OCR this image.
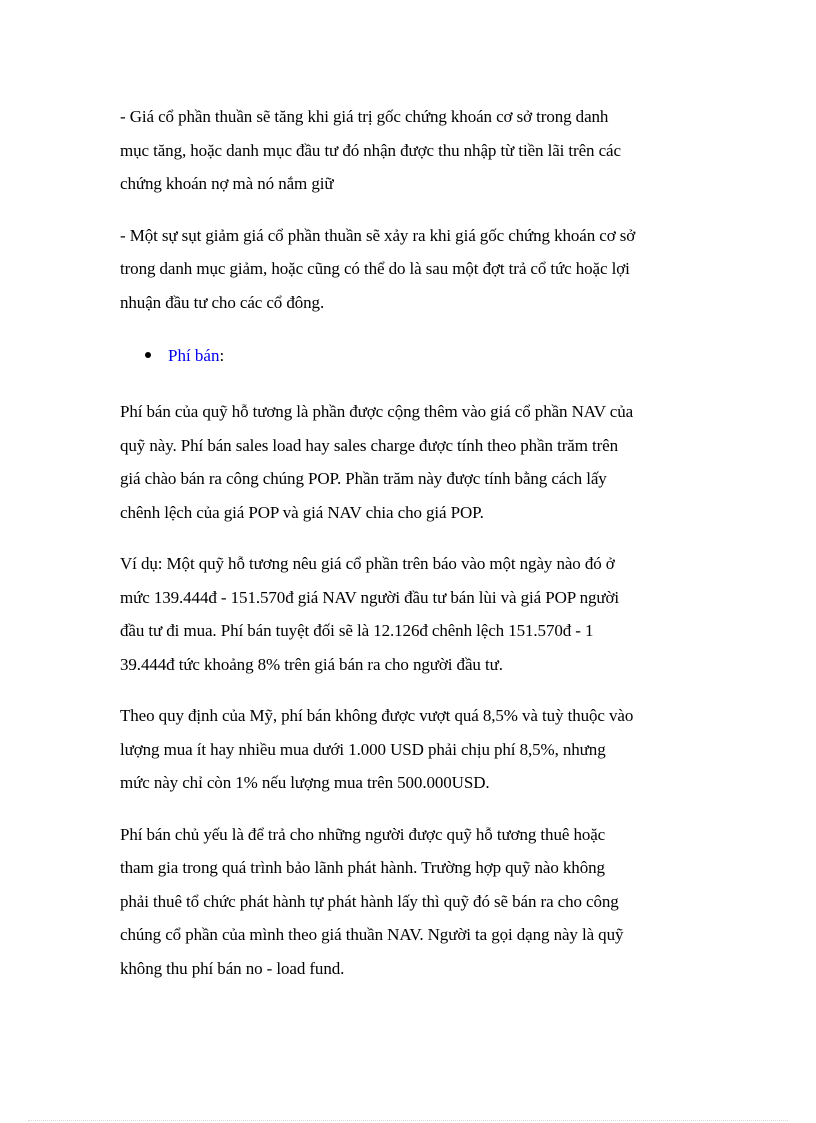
- Giá cổ phần thuần sẽ tăng khi giá trị gốc chứng khoán cơ sở trong danh
mục tăng, hoặc danh mục đầu tư đó nhận được thu nhập từ tiền lãi trên các
chứng khoán nợ mà nó nắm giữ

- Một sự sụt giảm giá cổ phần thuần sẽ xảy ra khi giá gốc chứng khoán cơ sở
trong danh mục giảm, hoặc cũng có thể do là sau một đợt trả cổ tức hoặc lợi
nhuận đầu tư cho các cổ đông.

Phí bán:

Phí bán của quỹ hỗ tương là phần được cộng thêm vào giá cổ phần NAV của
quỹ này. Phí bán sales load hay sales charge được tính theo phần trăm trên
giá chào bán ra công chúng POP. Phần trăm này được tính bằng cách lấy
chênh lệch của giá POP và giá NAV chia cho giá POP.

Ví dụ: Một quỹ hỗ tương nêu giá cổ phần trên báo vào một ngày nào đó ở
mức 139.444đ - 151.570đ giá NAV người đầu tư bán lùi và giá POP người
đầu tư đi mua. Phí bán tuyệt đối sẽ là 12.126đ chênh lệch 151.570đ - 1
39.444đ tức khoảng 8% trên giá bán ra cho người đầu tư.

Theo quy định của Mỹ, phí bán không được vượt quá 8,5% và tuỳ thuộc vào
lượng mua ít hay nhiều mua dưới 1.000 USD phải chịu phí 8,5%, nhưng
mức này chỉ còn 1% nếu lượng mua trên 500.000USD.

Phí bán chủ yếu là để trả cho những người được quỹ hỗ tương thuê hoặc
tham gia trong quá trình bảo lãnh phát hành. Trường hợp quỹ nào không
phải thuê tổ chức phát hành tự phát hành lấy thì quỹ đó sẽ bán ra cho công
chúng cổ phần của mình theo giá thuần NAV. Người ta gọi dạng này là quỹ
không thu phí bán no - load fund.
